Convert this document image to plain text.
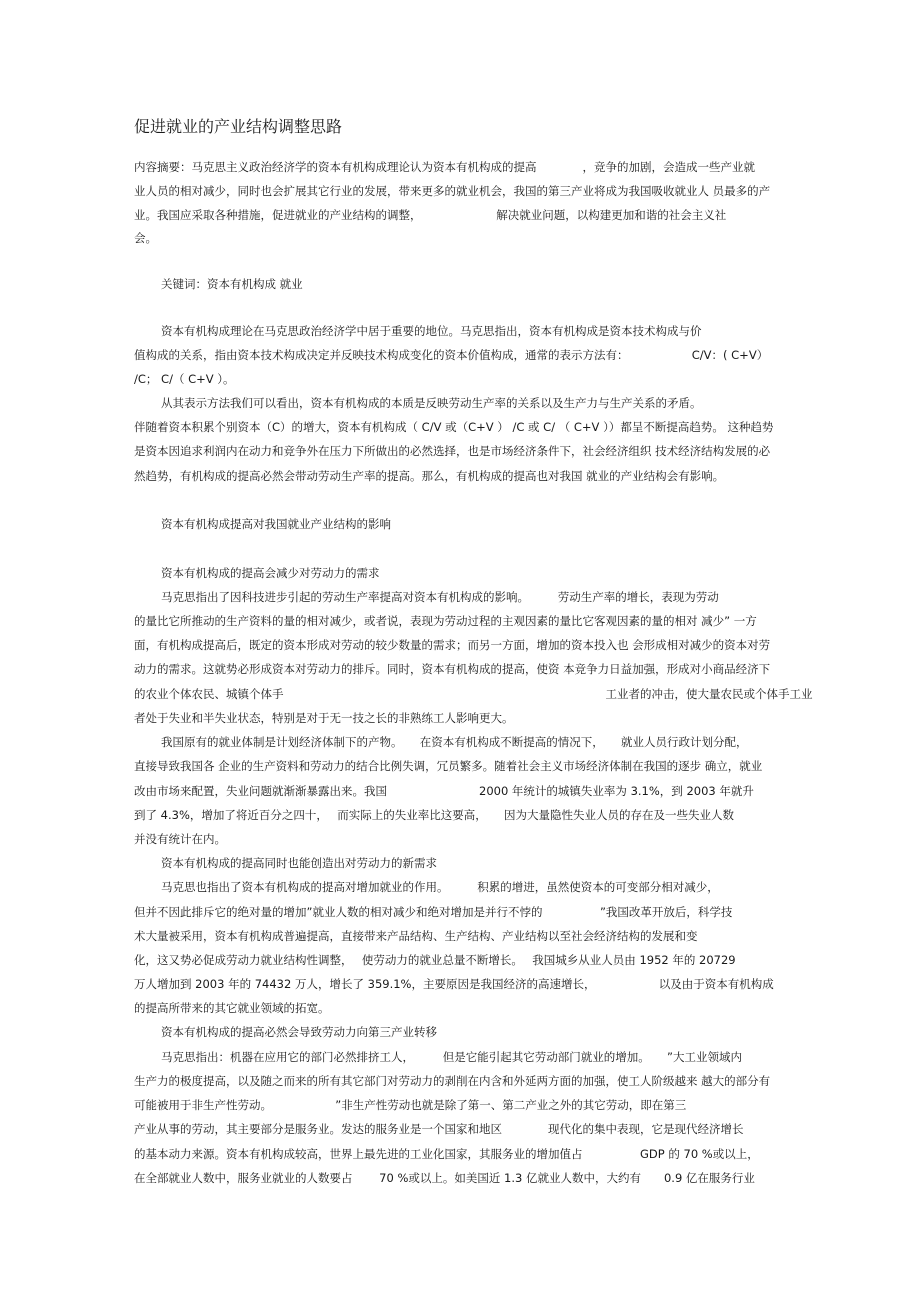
促进就业的产业结构调整思路

内容摘要：马克思主义政治经济学的资本有机构成理论认为资本有机构成的提高　　　　，竞争的加剧，会造成一些产业就

业人员的相对减少，同时也会扩展其它行业的发展，带来更多的就业机会，我国的第三产业将成为我国吸收就业人 员最多的产

业。我国应采取各种措施，促进就业的产业结构的调整，　　　　　　　解决就业问题，以构建更加和谐的社会主义社

会。

关键词：资本有机构成 就业

资本有机构成理论在马克思政治经济学中居于重要的地位。马克思指出，资本有机构成是资本技术构成与价

值构成的关系，指由资本技术构成决定并反映技术构成变化的资本价值构成，通常的表示方法有：　　　　　　C/V：( C+V）

/C； C/（ C+V ）。

从其表示方法我们可以看出，资本有机构成的本质是反映劳动生产率的关系以及生产力与生产关系的矛盾。

伴随着资本积累个别资本（C）的增大，资本有机构成（ C/V 或（C+V ） /C 或 C/ （ C+V ））都呈不断提高趋势。 这种趋势

是资本因追求利润内在动力和竞争外在压力下所做出的必然选择，也是市场经济条件下，社会经济组织 技术经济结构发展的必

然趋势，有机构成的提高必然会带动劳动生产率的提高。那么，有机构成的提高也对我国 就业的产业结构会有影响。

资本有机构成提高对我国就业产业结构的影响

资本有机构成的提高会减少对劳动力的需求

马克思指出了因科技进步引起的劳动生产率提高对资本有机构成的影响。　　　劳动生产率的增长，表现为劳动

的量比它所推动的生产资料的量的相对减少，或者说，表现为劳动过程的主观因素的量比它客观因素的量的相对 减少” 一方

面，有机构成提高后，既定的资本形成对劳动的较少数量的需求；而另一方面，增加的资本投入也 会形成相对减少的资本对劳

动力的需求。这就势必形成资本对劳动力的排斥。同时，资本有机构成的提高，使资 本竞争力日益加强，形成对小商品经济下

的农业个体农民、城镇个体手　　　　　　　　　　　　　　　　　　　　　　　　　　　　工业者的冲击，使大量农民或个体手工业

者处于失业和半失业状态，特别是对于无一技之长的非熟练工人影响更大。

我国原有的就业体制是计划经济体制下的产物。　　在资本有机构成不断提高的情况下，　　就业人员行政计划分配，

直接导致我国各 企业的生产资料和劳动力的结合比例失调，冗员繁多。随着社会主义市场经济体制在我国的逐步 确立，就业

改由市场来配置，失业问题就渐渐暴露出来。我国　　　　　　　　2000 年统计的城镇失业率为 3.1%，到 2003 年就升

到了 4.3%，增加了将近百分之四十，　 而实际上的失业率比这要高，　　因为大量隐性失业人员的存在及一些失业人数

并没有统计在内。

资本有机构成的提高同时也能创造出对劳动力的新需求

马克思也指出了资本有机构成的提高对增加就业的作用。　　　积累的增进，虽然使资本的可变部分相对减少，

但并不因此排斥它的绝对量的增加”就业人数的相对减少和绝对增加是并行不悖的　　　　　”我国改革开放后，科学技

术大量被采用，资本有机构成普遍提高，直接带来产品结构、生产结构、产业结构以至社会经济结构的发展和变

化，这又势必促成劳动力就业结构性调整，　 使劳动力的就业总量不断增长。　 我国城乡从业人员由 1952 年的 20729

万人增加到 2003 年的 74432 万人，增长了 359.1%，主要原因是我国经济的高速增长，　　　　　　以及由于资本有机构成

的提高所带来的其它就业领域的拓宽。

资本有机构成的提高必然会导致劳动力向第三产业转移

马克思指出：机器在应用它的部门必然排挤工人，　　　但是它能引起其它劳动部门就业的增加。　　”大工业领域内

生产力的极度提高，以及随之而来的所有其它部门对劳动力的剥削在内含和外延两方面的加强，使工人阶级越来 越大的部分有

可能被用于非生产性劳动。　　　　　　”非生产性劳动也就是除了第一、第二产业之外的其它劳动，即在第三

产业从事的劳动，其主要部分是服务业。发达的服务业是一个国家和地区　　　　现代化的集中表现，它是现代经济增长

的基本动力来源。资本有机构成较高，世界上最先进的工业化国家，其服务业的增加值占　　　　　GDP 的 70 %或以上，

在全部就业人数中，服务业就业的人数要占　　 70 %或以上。如美国近 1.3 亿就业人数中，大约有　　0.9 亿在服务行业
